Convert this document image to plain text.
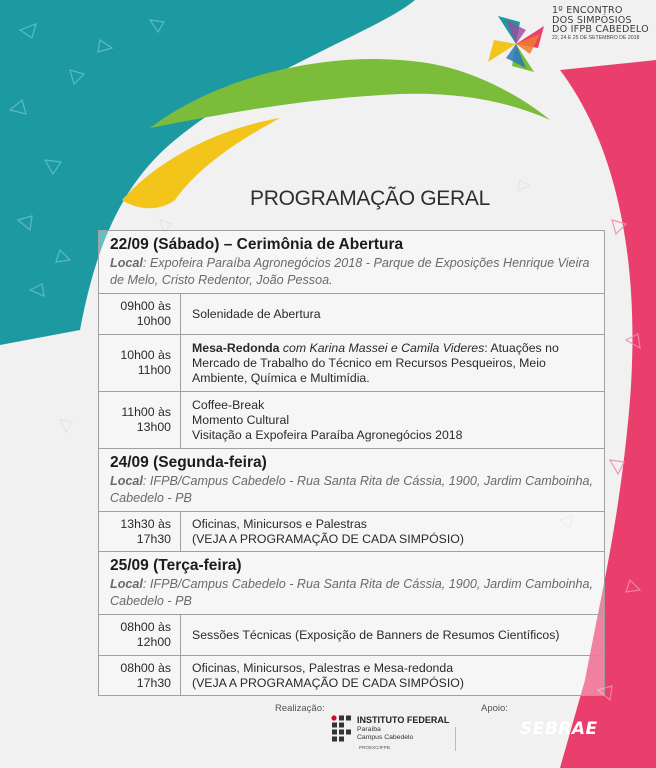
1º ENCONTRO
DOS SIMPÓSIOS
DO IFPB CABEDELO
22, 24 E 25 DE SETEMBRO DE 2018
PROGRAMAÇÃO GERAL
22/09 (Sábado) – Cerimônia de Abertura
Local: Expofeira Paraíba Agronegócios 2018 - Parque de Exposições Henrique Vieira de Melo, Cristo Redentor, João Pessoa.	
09h00 às
10h00	Solenidade de Abertura
10h00 às
11h00	Mesa-Redonda com Karina Massei e Camila Videres: Atuações no Mercado de Trabalho do Técnico em Recursos Pesqueiros, Meio Ambiente, Química e Multimídia.
11h00 às
13h00	Coffee-Break
Momento Cultural
Visitação a Expofeira Paraíba Agronegócios 2018

24/09 (Segunda-feira)
Local: IFPB/Campus Cabedelo - Rua Santa Rita de Cássia, 1900, Jardim Camboinha, Cabedelo - PB	
13h30 às
17h30	Oficinas, Minicursos e Palestras
(VEJA A PROGRAMAÇÃO DE CADA SIMPÓSIO)

25/09 (Terça-feira)
Local: IFPB/Campus Cabedelo - Rua Santa Rita de Cássia, 1900, Jardim Camboinha, Cabedelo - PB	
08h00 às
12h00	Sessões Técnicas (Exposição de Banners de Resumos Científicos)
08h00 às
17h30	Oficinas, Minicursos, Palestras e Mesa-redonda
(VEJA A PROGRAMAÇÃO DE CADA SIMPÓSIO)
Realização:	Apoio:
INSTITUTO FEDERAL
Paraíba
Campus Cabedelo
PROEXC/IFPB
SEBRAE
